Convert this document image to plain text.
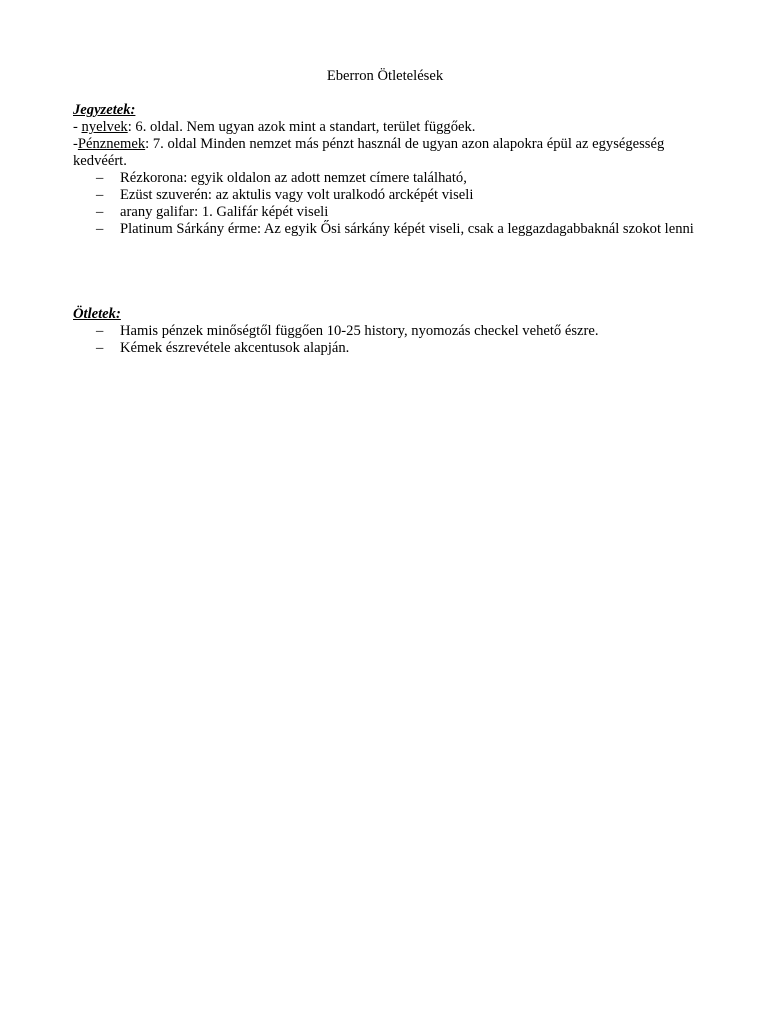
Eberron Ötletelések

Jegyzetek:

- nyelvek: 6. oldal. Nem ugyan azok mint a standart, terület függőek.

-Pénznemek: 7. oldal Minden nemzet más pénzt használ de ugyan azon alapokra épül az egységesség kedvéért.

– Rézkorona: egyik oldalon az adott nemzet címere található,
– Ezüst szuverén: az aktulis vagy volt uralkodó arcképét viseli
– arany galifar: 1. Galifár képét viseli
– Platinum Sárkány érme: Az egyik Ősi sárkány képét viseli, csak a leggazdagabbaknál szokot lenni

Ötletek:

– Hamis pénzek minőségtől függően 10-25 history, nyomozás checkel vehető észre.
– Kémek észrevétele akcentusok alapján.
